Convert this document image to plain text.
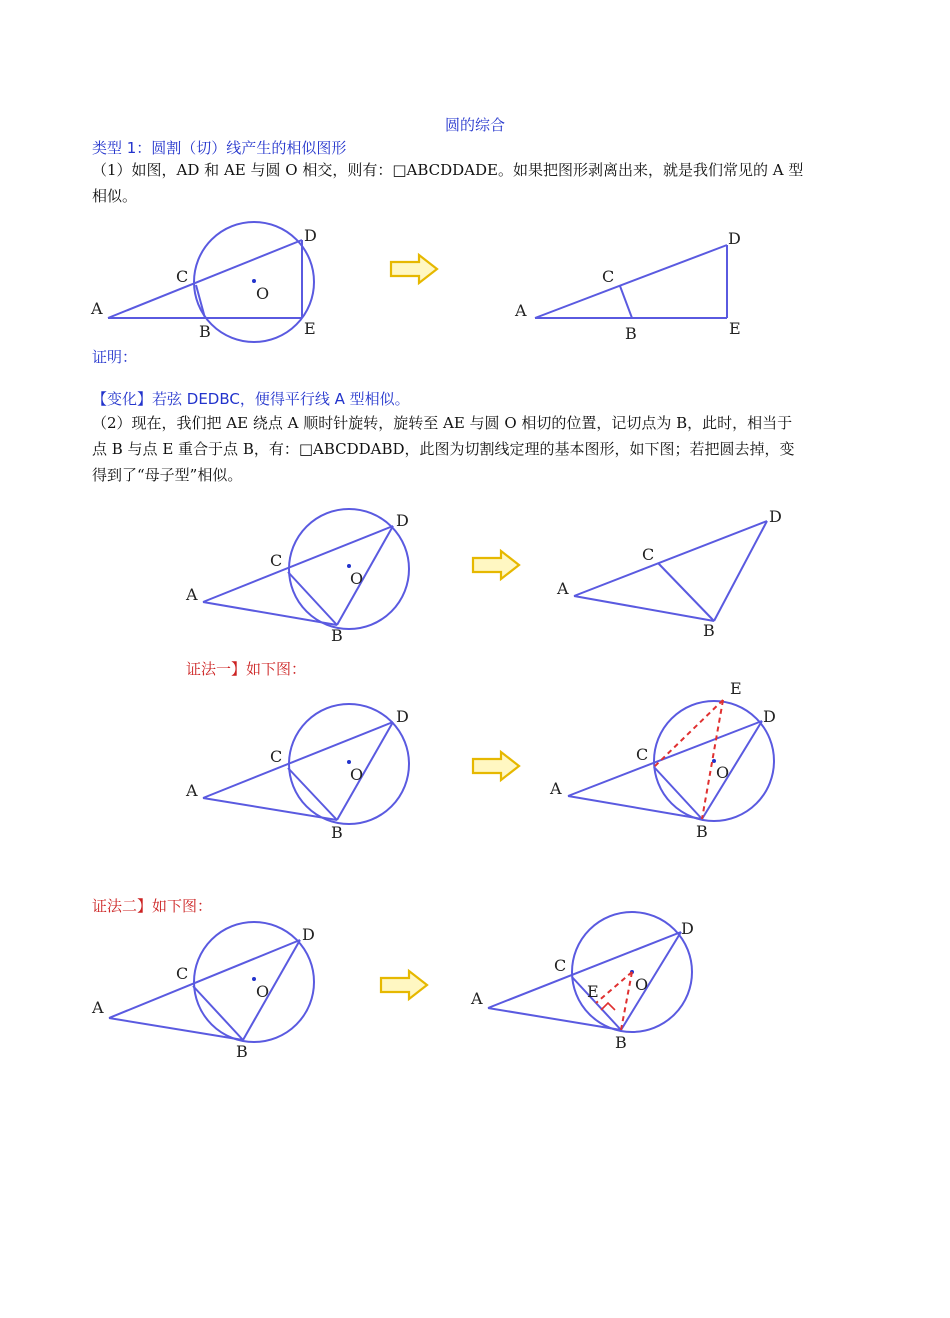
圆的综合
类型 1：圆割（切）线产生的相似图形
（1）如图，AD 和 AE 与圆 O 相交，则有：□ABCDDADE。如果把图形剥离出来，就是我们常见的 A 型
相似。
证明：
【变化】若弦 DEDBC，便得平行线 A 型相似。
（2）现在，我们把 AE 绕点 A 顺时针旋转，旋转至 AE 与圆 O 相切的位置，记切点为 B，此时，相当于
点 B 与点 E 重合于点 B，有：□ABCDDABD，此图为切割线定理的基本图形，如下图；若把圆去掉，变
得到了“母子型”相似。
证法一】如下图：
证法二】如下图：
A
C
D
O
B	E
A
C
D
B	E
A
C
D
O
B
A
C
D
B
A
C
D
O
B
E
A
C
D
O
B
A
C
D
O
B
A
C
D
O
E
B
